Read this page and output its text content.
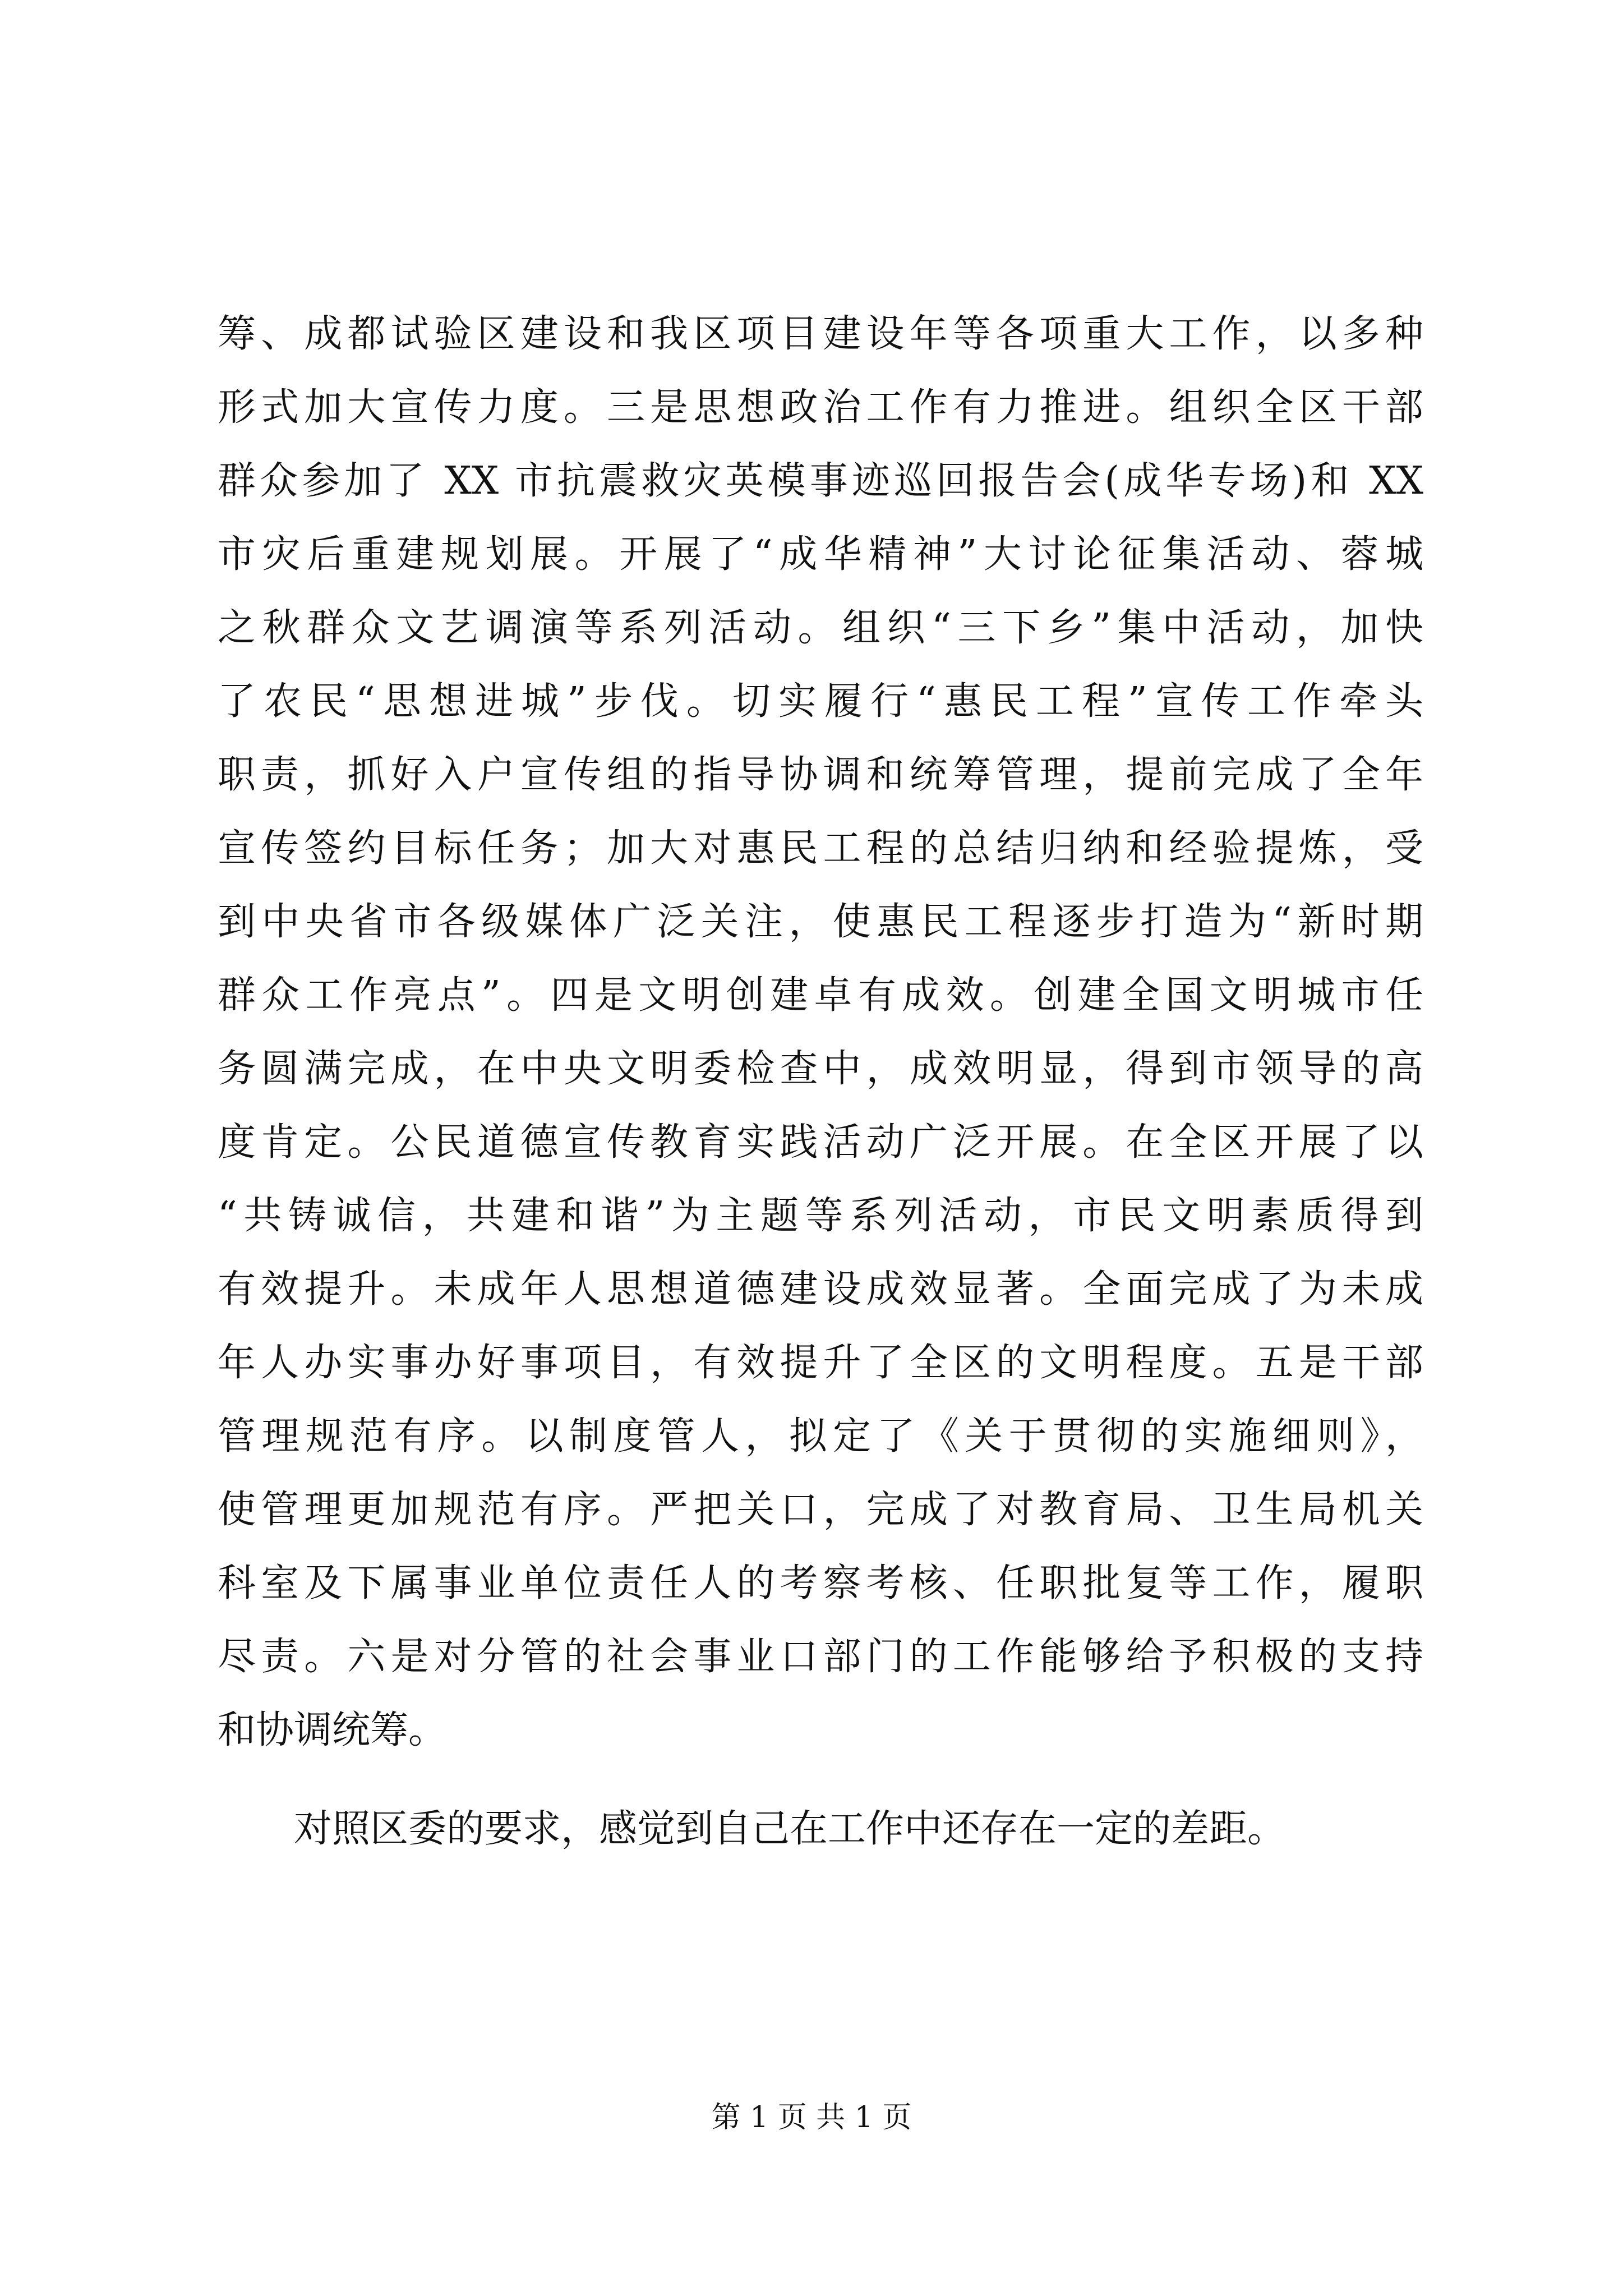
筹、成都试验区建设和我区项目建设年等各项重大工作，以多种
形式加大宣传力度。三是思想政治工作有力推进。组织全区干部
群众参加了 XX 市抗震救灾英模事迹巡回报告会(成华专场)和 XX
市灾后重建规划展。开展了“成华精神”大讨论征集活动、蓉城
之秋群众文艺调演等系列活动。组织“三下乡”集中活动，加快
了农民“思想进城”步伐。切实履行“惠民工程”宣传工作牵头
职责，抓好入户宣传组的指导协调和统筹管理，提前完成了全年
宣传签约目标任务；加大对惠民工程的总结归纳和经验提炼，受
到中央省市各级媒体广泛关注，使惠民工程逐步打造为“新时期
群众工作亮点”。四是文明创建卓有成效。创建全国文明城市任
务圆满完成，在中央文明委检查中，成效明显，得到市领导的高
度肯定。公民道德宣传教育实践活动广泛开展。在全区开展了以
“共铸诚信，共建和谐”为主题等系列活动，市民文明素质得到
有效提升。未成年人思想道德建设成效显著。全面完成了为未成
年人办实事办好事项目，有效提升了全区的文明程度。五是干部
管理规范有序。以制度管人，拟定了《关于贯彻的实施细则》，
使管理更加规范有序。严把关口，完成了对教育局、卫生局机关
科室及下属事业单位责任人的考察考核、任职批复等工作，履职
尽责。六是对分管的社会事业口部门的工作能够给予积极的支持
和协调统筹。
　　对照区委的要求，感觉到自己在工作中还存在一定的差距。
第 1 页 共 1 页
